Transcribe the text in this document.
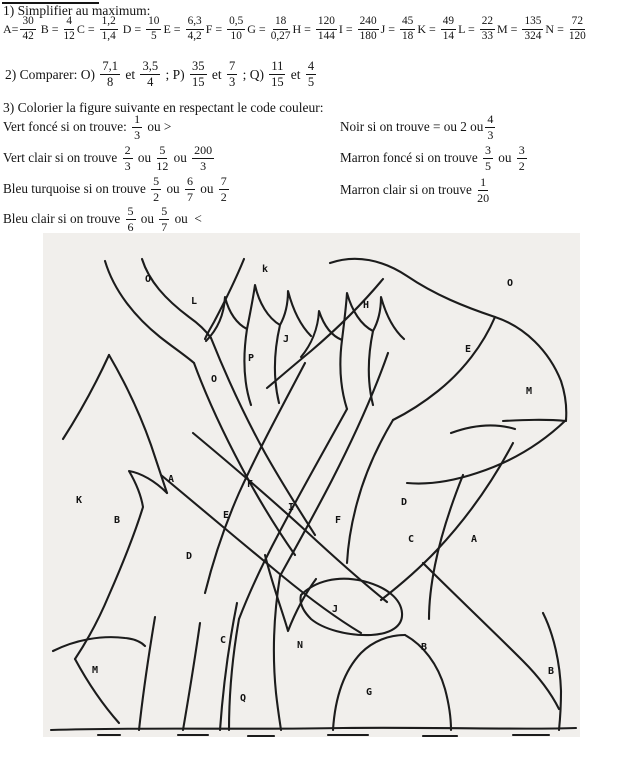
1) Simplifier au maximum:
$A= \frac{30}{42}$ $B = \frac{4}{12}$ $C = \frac{1,2}{1,4}$ $D = \frac{10}{5}$ $E = \frac{6,3}{4,2}$ $F = \frac{0,5}{10}$ $G = \frac{18}{0,27}$ $H = \frac{120}{144}$ $I = \frac{240}{180}$ $J = \frac{45}{18}$ $K = \frac{49}{14}$ $L = \frac{22}{33}$ $M = \frac{135}{324}$ $N = \frac{72}{120}$
2) Comparer: $O) \frac{7,1}{8}$ et $\frac{3,5}{4}$ ; $P) \frac{35}{15}$ et $\frac{7}{3}$ ; $Q) \frac{11}{15}$ et $\frac{4}{5}$
3) Colorier la figure suivante en respectant le code couleur:
Vert foncé si on trouve: $\frac{1}{3}$ ou >
Vert clair si on trouve $\frac{2}{3}$ ou $\frac{5}{12}$ ou $\frac{200}{3}$
Bleu turquoise si on trouve $\frac{5}{2}$ ou $\frac{6}{7}$ ou $\frac{7}{2}$
Bleu clair si on trouve $\frac{5}{6}$ ou $\frac{5}{7}$ ou  <
Noir si on trouve = ou 2 ou $\frac{4}{3}$
Marron foncé si on trouve $\frac{3}{5}$ ou $\frac{3}{2}$
Marron clair si on trouve $\frac{1}{20}$
O
k
L	H
O
J
P
E
O
M
A	F
K
B	E
I
F
D
C	A
D
J
N
C
B
M	B
G
Q
